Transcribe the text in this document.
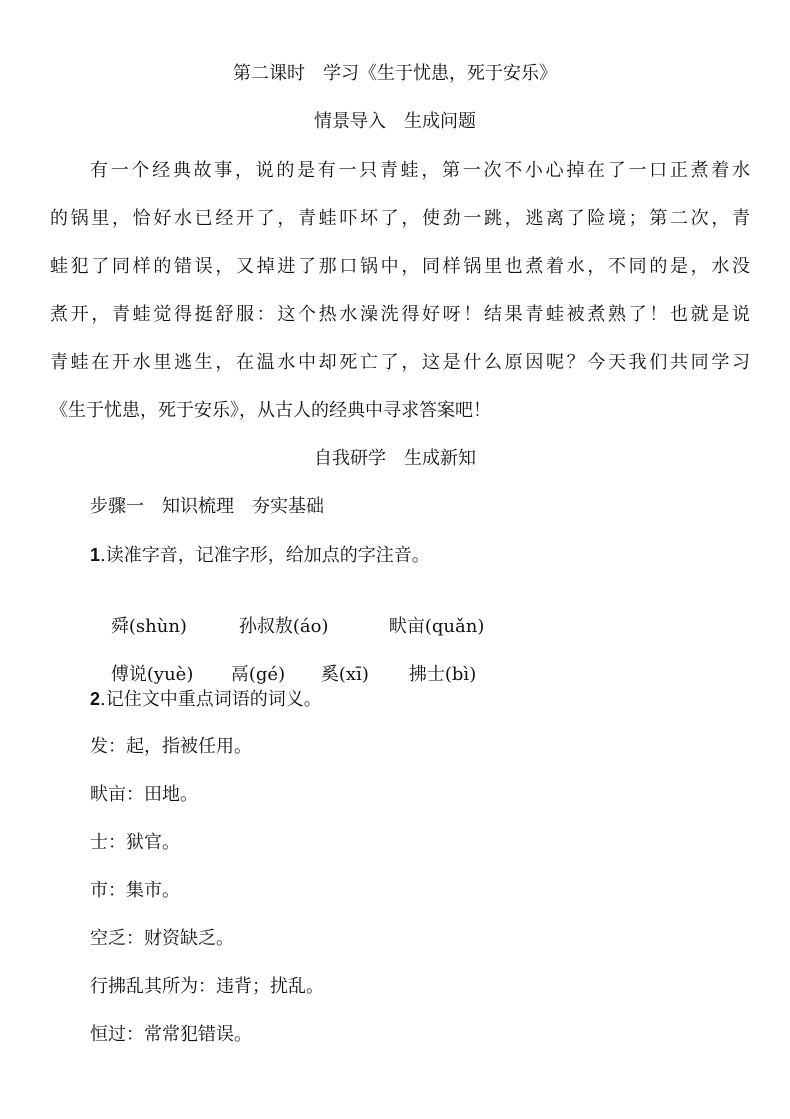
第二课时　学习《生于忧患，死于安乐》
情景导入　生成问题
有一个经典故事，说的是有一只青蛙，第一次不小心掉在了一口正煮着水
的锅里，恰好水已经开了，青蛙吓坏了，使劲一跳，逃离了险境；第二次，青
蛙犯了同样的错误，又掉进了那口锅中，同样锅里也煮着水，不同的是，水没
煮开，青蛙觉得挺舒服：这个热水澡洗得好呀！结果青蛙被煮熟了！也就是说
青蛙在开水里逃生，在温水中却死亡了，这是什么原因呢？今天我们共同学习
《生于忧患，死于安乐》，从古人的经典中寻求答案吧！
自我研学　生成新知
步骤一　知识梳理　夯实基础
1.读准字音，记准字形，给加点的字注音。

舜(shùn)	孙叔敖(áo)	畎亩(quǎn)

傅说(yuè) 鬲(gé) 奚(xī) 拂士(bì)

2.记住文中重点词语的词义。
发：起，指被任用。
畎亩：田地。
士：狱官。
市：集市。
空乏：财资缺乏。
行拂乱其所为：违背；扰乱。
恒过：常常犯错误。
